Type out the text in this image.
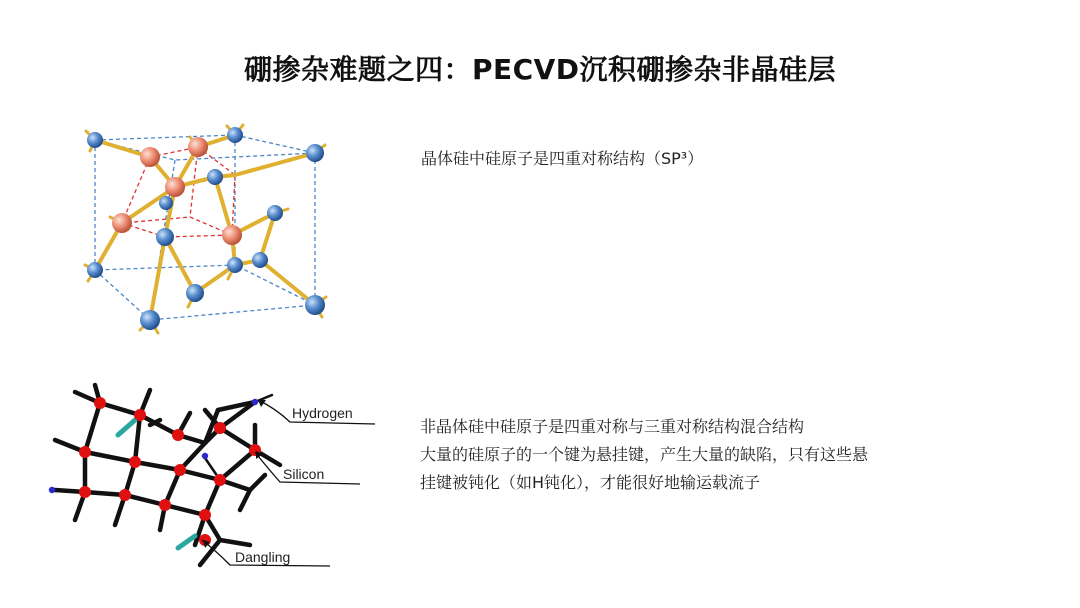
硼掺杂难题之四：PECVD沉积硼掺杂非晶硅层
晶体硅中硅原子是四重对称结构（SP³）
Hydrogen
Silicon
Dangling
非晶体硅中硅原子是四重对称与三重对称结构混合结构
大量的硅原子的一个键为悬挂键，产生大量的缺陷，只有这些悬
挂键被钝化（如H钝化），才能很好地输运载流子
